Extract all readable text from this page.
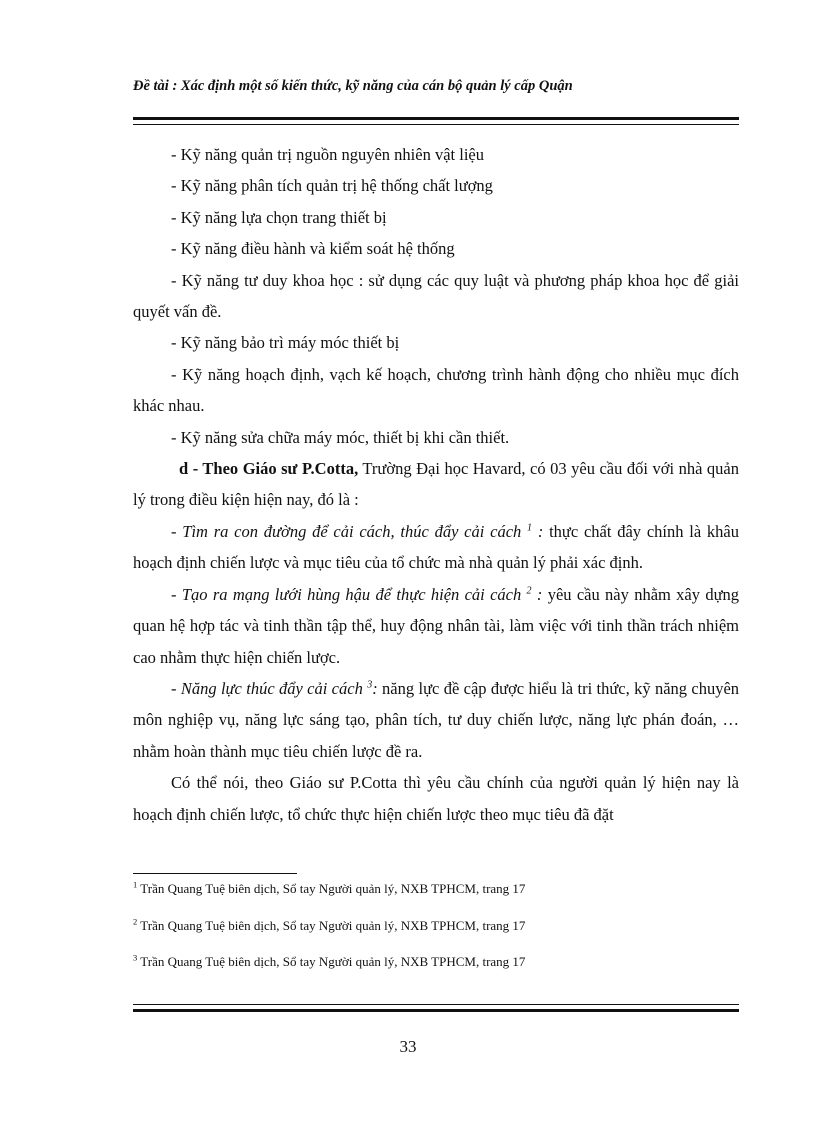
Đề tài : Xác định một số kiến thức, kỹ năng của cán bộ quản lý cấp Quận

- Kỹ năng quản trị nguồn nguyên nhiên vật liệu

- Kỹ năng phân tích quản trị hệ thống chất lượng

- Kỹ năng lựa chọn trang thiết bị

- Kỹ năng điều hành và kiểm soát hệ thống

- Kỹ năng tư duy khoa học : sử dụng các quy luật và phương pháp khoa học để giải quyết vấn đề.

- Kỹ năng bảo trì máy móc thiết bị

- Kỹ năng hoạch định, vạch kế hoạch, chương trình hành động cho nhiều mục đích khác nhau.

- Kỹ năng sửa chữa máy móc, thiết bị khi cần thiết.

d - Theo Giáo sư P.Cotta, Trường Đại học Havard, có 03 yêu cầu đối với nhà quản lý trong điều kiện hiện nay, đó là :

- Tìm ra con đường để cải cách, thúc đẩy cải cách $^1$ : thực chất đây chính là khâu hoạch định chiến lược và mục tiêu của tổ chức mà nhà quản lý phải xác định.

- Tạo ra mạng lưới hùng hậu để thực hiện cải cách $^2$ : yêu cầu này nhằm xây dựng quan hệ hợp tác và tinh thần tập thể, huy động nhân tài, làm việc với tinh thần trách nhiệm cao nhằm thực hiện chiến lược.

- Năng lực thúc đẩy cải cách $^3$: năng lực đề cập được hiểu là tri thức, kỹ năng chuyên môn nghiệp vụ, năng lực sáng tạo, phân tích, tư duy chiến lược, năng lực phán đoán, … nhằm hoàn thành mục tiêu chiến lược đề ra.

Có thể nói, theo Giáo sư P.Cotta thì yêu cầu chính của người quản lý hiện nay là hoạch định chiến lược, tổ chức thực hiện chiến lược theo mục tiêu đã đặt

$^1$ Trần Quang Tuệ biên dịch, Sổ tay Người quản lý, NXB TPHCM, trang 17

$^2$ Trần Quang Tuệ biên dịch, Sổ tay Người quản lý, NXB TPHCM, trang 17

$^3$ Trần Quang Tuệ biên dịch, Sổ tay Người quản lý, NXB TPHCM, trang 17

33
